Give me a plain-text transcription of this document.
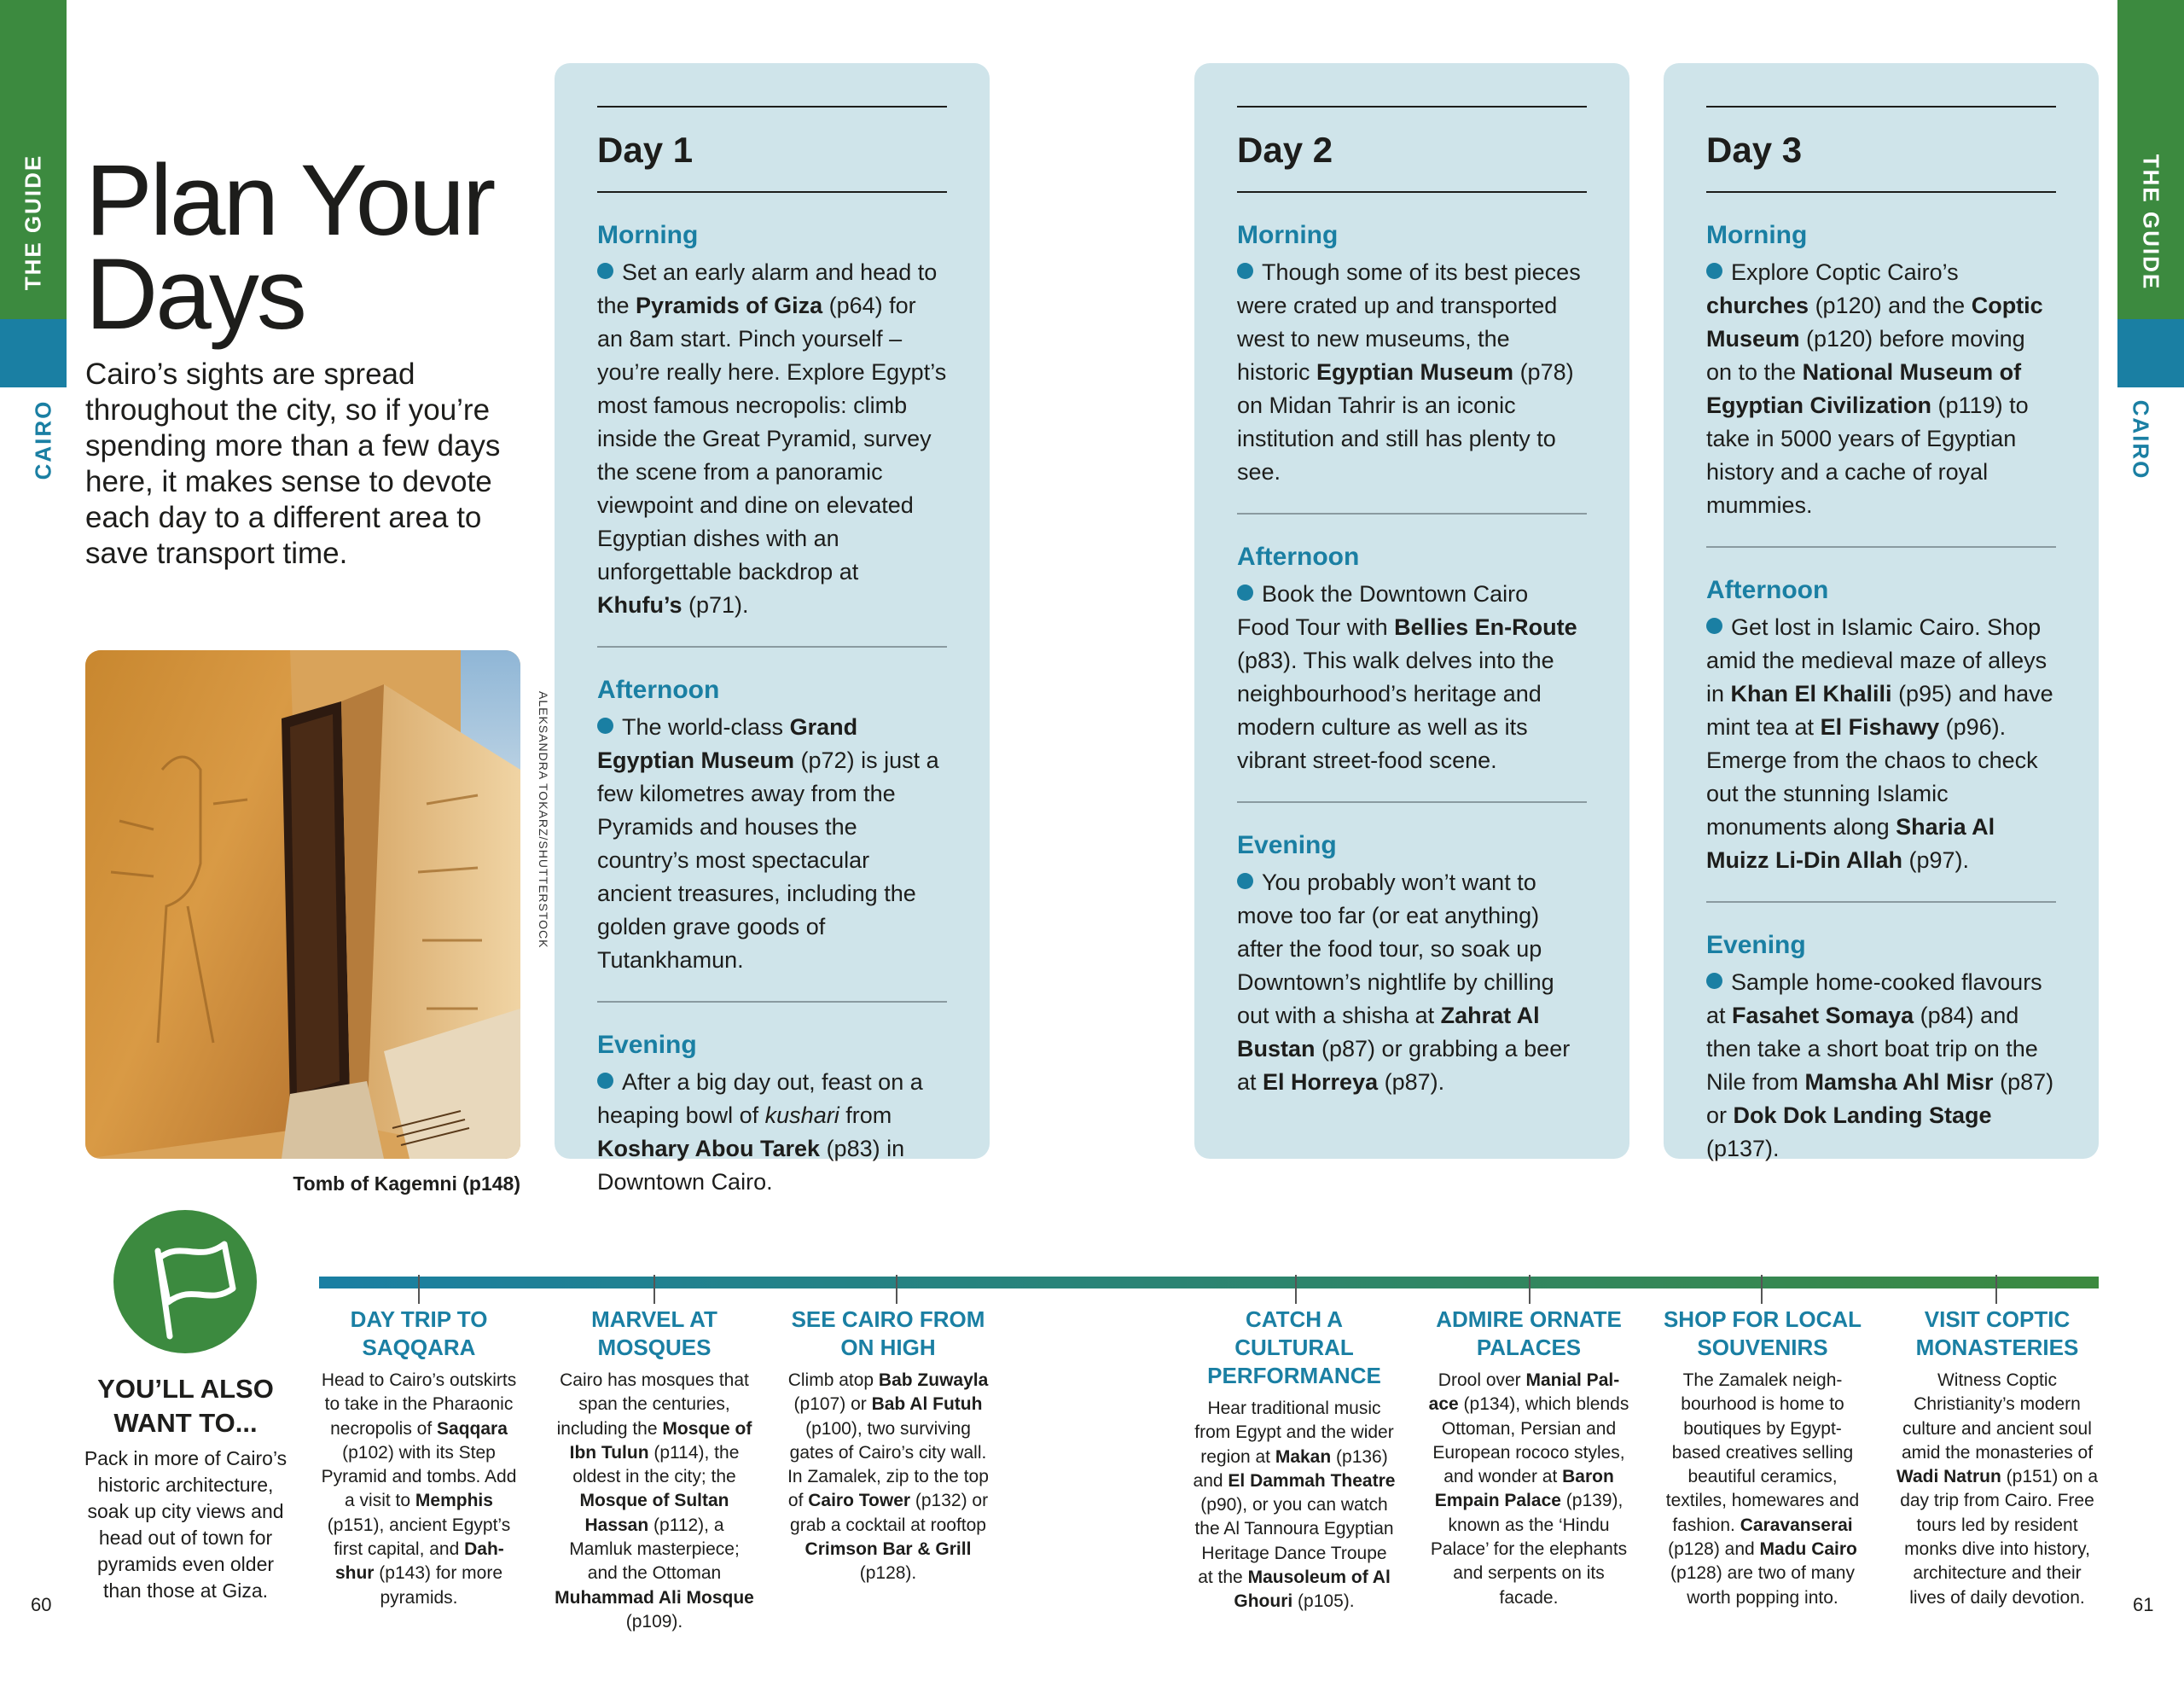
THE GUIDE
CAIRO
THE GUIDE
CAIRO
Plan Your
Days

Cairo’s sights are spread throughout the city, so if you’re spending more than a few days here, it makes sense to devote each day to a different area to save transport time.

ALEKSANDRA TOKARZ/SHUTTERSTOCK
Tomb of Kagemni (p148)
Day 1
Morning
Set an early alarm and head to the Pyramids of Giza (p64) for an 8am start. Pinch yourself – you’re really here. Explore Egypt’s most famous necropolis: climb inside the Great Pyramid, survey the scene from a panoramic viewpoint and dine on elevated Egyptian dishes with an unforgettable backdrop at Khufu’s (p71).
Afternoon
The world-class Grand Egyptian Museum (p72) is just a few kilometres away from the Pyramids and houses the country’s most spectacular ancient treasures, including the golden grave goods of Tutankhamun.
Evening
After a big day out, feast on a heaping bowl of kushari from Koshary Abou Tarek (p83) in Downtown Cairo.
Day 2
Morning
Though some of its best pieces were crated up and transported west to new museums, the historic Egyptian Museum (p78) on Midan Tahrir is an iconic institution and still has plenty to see.
Afternoon
Book the Downtown Cairo Food Tour with Bellies En-Route (p83). This walk delves into the neighbourhood’s heritage and modern culture as well as its vibrant street-food scene.
Evening
You probably won’t want to move too far (or eat anything) after the food tour, so soak up Downtown’s nightlife by chilling out with a shisha at Zahrat Al Bustan (p87) or grabbing a beer at El Horreya (p87).
Day 3
Morning
Explore Coptic Cairo’s churches (p120) and the Coptic Museum (p120) before moving on to the National Museum of Egyptian Civilization (p119) to take in 5000 years of Egyptian history and a cache of royal mummies.
Afternoon
Get lost in Islamic Cairo. Shop amid the medieval maze of alleys in Khan El Khalili (p95) and have mint tea at El Fishawy (p96). Emerge from the chaos to check out the stunning Islamic monuments along Sharia Al Muizz Li-Din Allah (p97).
Evening
Sample home-cooked flavours at Fasahet Somaya (p84) and then take a short boat trip on the Nile from Mamsha Ahl Misr (p87) or Dok Dok Landing Stage (p137).
YOU’LL ALSO WANT TO...
Pack in more of Cairo’s historic architecture, soak up city views and head out of town for pyramids even older than those at Giza.
DAY TRIP TO SAQQARA
Head to Cairo’s outskirts to take in the Pharaonic necropolis of Saqqara (p102) with its Step Pyramid and tombs. Add a visit to Memphis (p151), ancient Egypt’s first capital, and Dah-shur (p143) for more pyramids.
MARVEL AT MOSQUES
Cairo has mosques that span the centuries, including the Mosque of Ibn Tulun (p114), the oldest in the city; the Mosque of Sultan Hassan (p112), a Mamluk masterpiece; and the Ottoman Muhammad Ali Mosque (p109).
SEE CAIRO FROM ON HIGH
Climb atop Bab Zuwayla (p107) or Bab Al Futuh (p100), two surviving gates of Cairo’s city wall. In Zamalek, zip to the top of Cairo Tower (p132) or grab a cocktail at rooftop Crimson Bar & Grill (p128).
CATCH A CULTURAL PERFORMANCE
Hear traditional music from Egypt and the wider region at Makan (p136) and El Dammah Theatre (p90), or you can watch the Al Tannoura Egyptian Heritage Dance Troupe at the Mausoleum of Al Ghouri (p105).
ADMIRE ORNATE PALACES
Drool over Manial Pal-ace (p134), which blends Ottoman, Persian and European rococo styles, and wonder at Baron Empain Palace (p139), known as the ‘Hindu Palace’ for the elephants and serpents on its facade.
SHOP FOR LOCAL SOUVENIRS
The Zamalek neigh-bourhood is home to boutiques by Egypt-based creatives selling beautiful ceramics, textiles, homewares and fashion. Caravanserai (p128) and Madu Cairo (p128) are two of many worth popping into.
VISIT COPTIC MONASTERIES
Witness Coptic Christianity’s modern culture and ancient soul amid the monasteries of Wadi Natrun (p151) on a day trip from Cairo. Free tours led by resident monks dive into history, architecture and their lives of daily devotion.
60	61
